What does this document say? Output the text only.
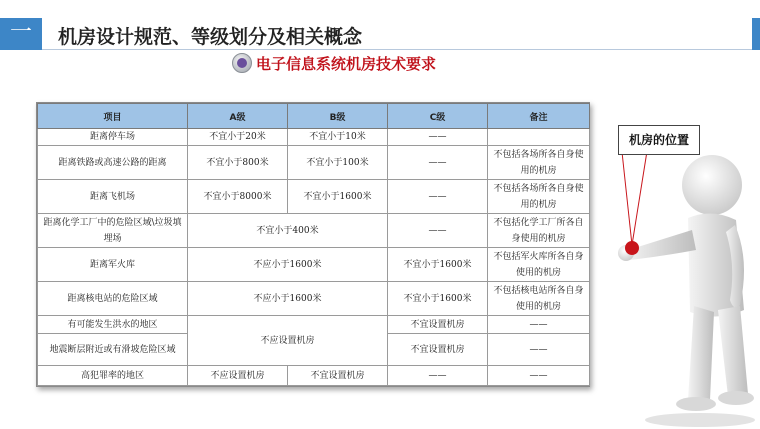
一	机房设计规范、等级划分及相关概念
电子信息系统机房技术要求
项目	A级	B级	C级	备注
距离停车场	不宜小于20米	不宜小于10米	——	
距离铁路或高速公路的距离	不宜小于800米	不宜小于100米	——	不包括各场所各自身使用的机房
距离飞机场	不宜小于8000米	不宜小于1600米	——	不包括各场所各自身使用的机房
距离化学工厂中的危险区域\垃圾填埋场	不宜小于400米		——	不包括化学工厂所各自身使用的机房
距离军火库	不应小于1600米		不宜小于1600米	不包括军火库所各自身使用的机房
距离核电站的危险区域	不应小于1600米		不宜小于1600米	不包括核电站所各自身使用的机房
有可能发生洪水的地区	不应设置机房		不宜设置机房	——
地震断层附近或有滑坡危险区域			不宜设置机房	——
高犯罪率的地区	不应设置机房	不宜设置机房	——	——
机房的位置
